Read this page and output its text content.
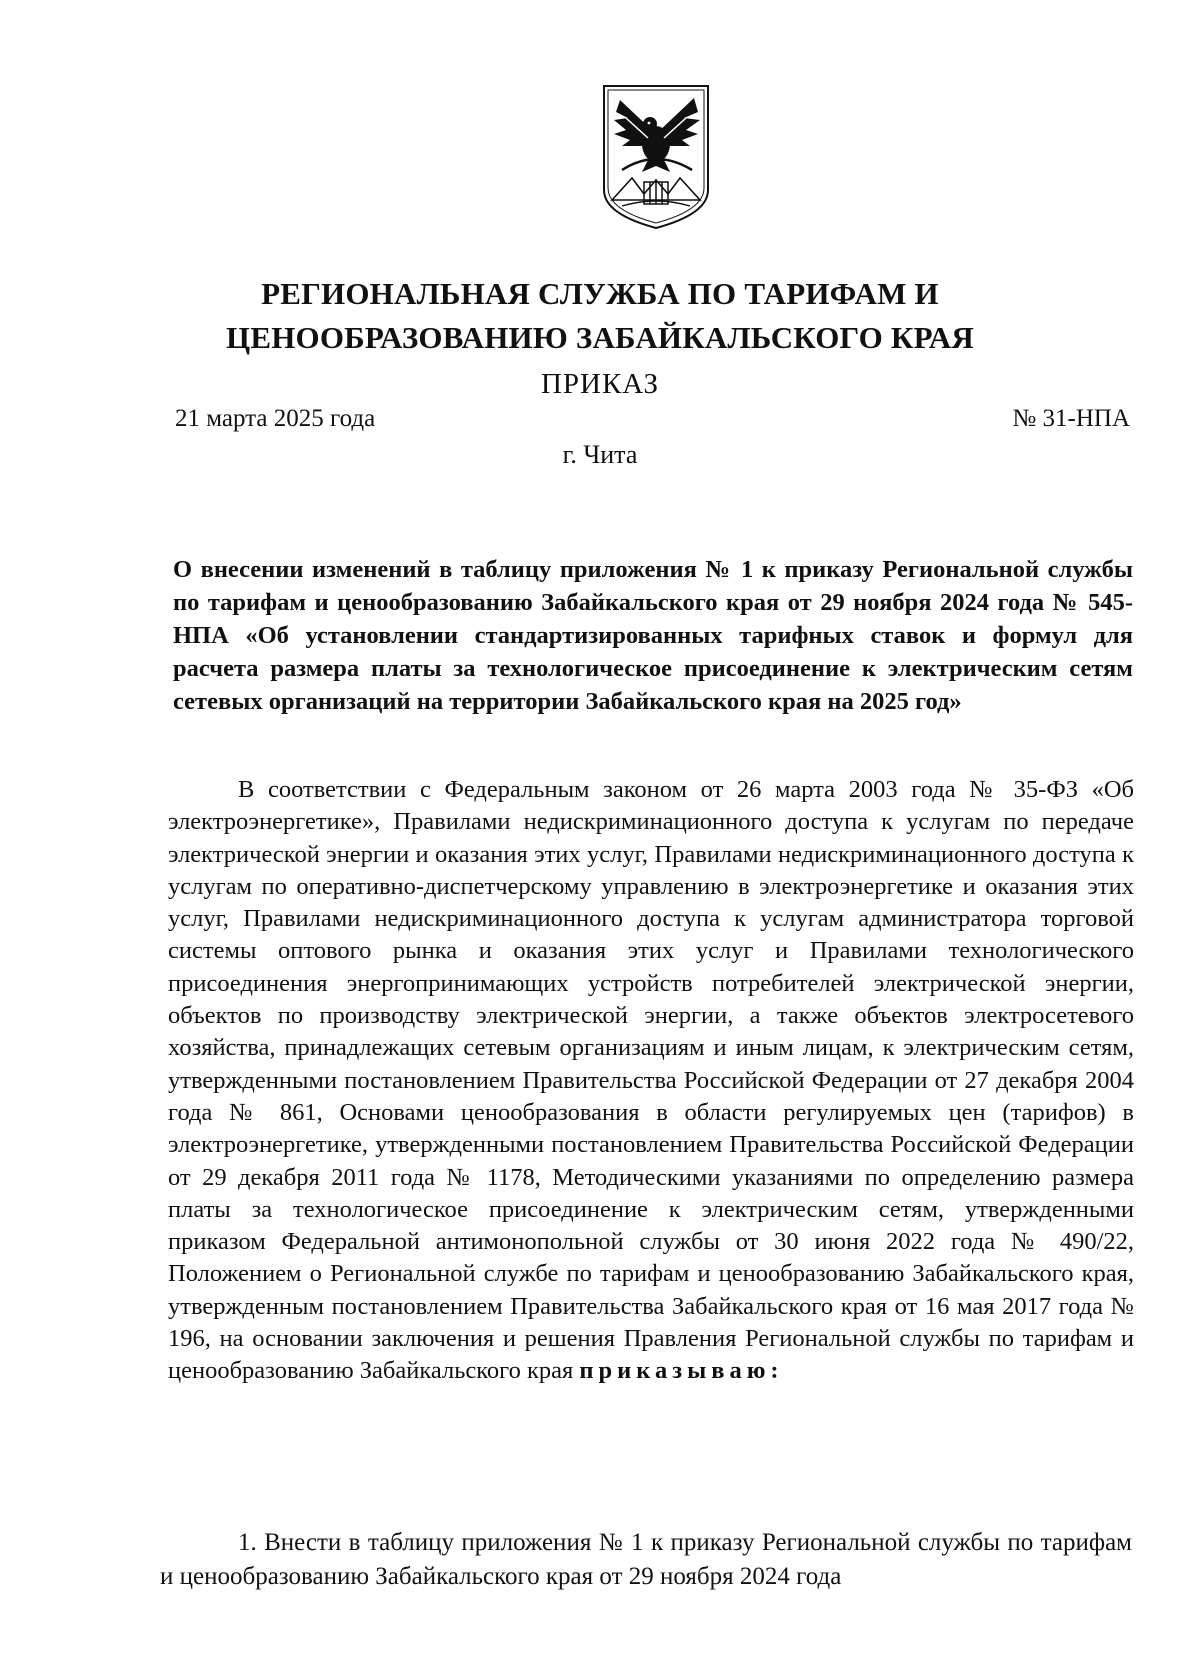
РЕГИОНАЛЬНАЯ СЛУЖБА ПО ТАРИФАМ И
ЦЕНООБРАЗОВАНИЮ ЗАБАЙКАЛЬСКОГО КРАЯ
ПРИКАЗ
21 марта 2025 года	№ 31-НПА
г. Чита
О внесении изменений в таблицу приложения № 1 к приказу Региональной службы по тарифам и ценообразованию Забайкальского края от 29 ноября 2024 года № 545-НПА «Об установлении стандартизированных тарифных ставок и формул для расчета размера платы за технологическое присоединение к электрическим сетям сетевых организаций на территории Забайкальского края на 2025 год»

В соответствии с Федеральным законом от 26 марта 2003 года № 35-ФЗ «Об электроэнергетике», Правилами недискриминационного доступа к услугам по передаче электрической энергии и оказания этих услуг, Правилами недискриминационного доступа к услугам по оперативно-диспетчерскому управлению в электроэнергетике и оказания этих услуг, Правилами недискриминационного доступа к услугам администратора торговой системы оптового рынка и оказания этих услуг и Правилами технологического присоединения энергопринимающих устройств потребителей электрической энергии, объектов по производству электрической энергии, а также объектов электросетевого хозяйства, принадлежащих сетевым организациям и иным лицам, к электрическим сетям, утвержденными постановлением Правительства Российской Федерации от 27 декабря 2004 года № 861, Основами ценообразования в области регулируемых цен (тарифов) в электроэнергетике, утвержденными постановлением Правительства Российской Федерации от 29 декабря 2011 года № 1178, Методическими указаниями по определению размера платы за технологическое присоединение к электрическим сетям, утвержденными приказом Федеральной антимонопольной службы от 30 июня 2022 года № 490/22, Положением о Региональной службе по тарифам и ценообразованию Забайкальского края, утвержденным постановлением Правительства Забайкальского края от 16 мая 2017 года № 196, на основании заключения и решения Правления Региональной службы по тарифам и ценообразованию Забайкальского края приказываю:

1. Внести в таблицу приложения № 1 к приказу Региональной службы по тарифам и ценообразованию Забайкальского края от 29 ноября 2024 года
